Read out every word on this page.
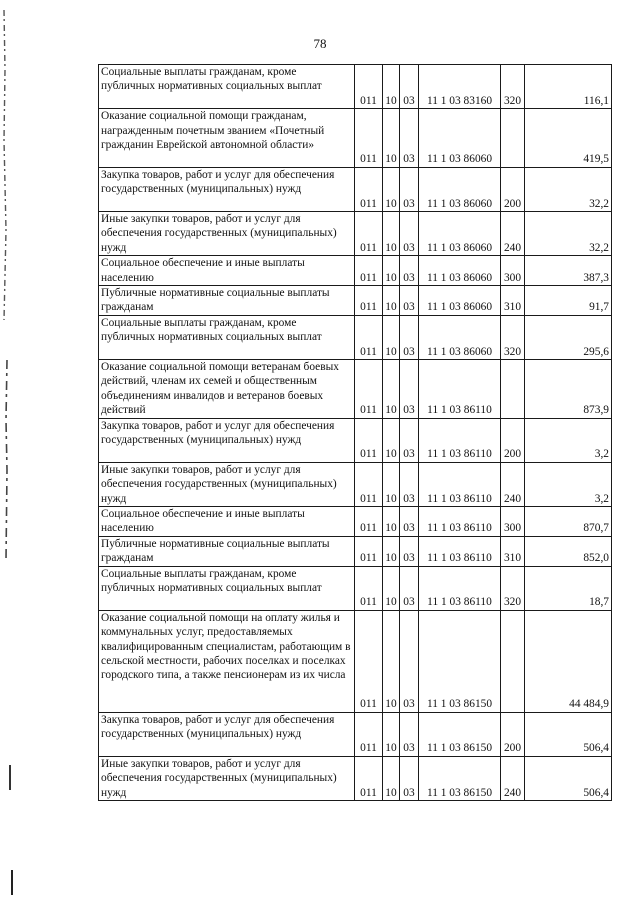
78
Социальные выплаты гражданам, кроме публичных нормативных социальных выплат	011	10	03	11 1 03 83160	320	116,1
Оказание социальной помощи гражданам, награжденным почетным званием «Почетный гражданин Еврейской автономной области»	011	10	03	11 1 03 86060		419,5
Закупка товаров, работ и услуг для обеспечения государственных (муниципальных) нужд	011	10	03	11 1 03 86060	200	32,2
Иные закупки товаров, работ и услуг для обеспечения государственных (муниципальных) нужд	011	10	03	11 1 03 86060	240	32,2
Социальное обеспечение и иные выплаты населению	011	10	03	11 1 03 86060	300	387,3
Публичные нормативные социальные выплаты гражданам	011	10	03	11 1 03 86060	310	91,7
Социальные выплаты гражданам, кроме публичных нормативных социальных выплат	011	10	03	11 1 03 86060	320	295,6
Оказание социальной помощи ветеранам боевых действий, членам их семей и общественным объединениям инвалидов и ветеранов боевых действий	011	10	03	11 1 03 86110		873,9
Закупка товаров, работ и услуг для обеспечения государственных (муниципальных) нужд	011	10	03	11 1 03 86110	200	3,2
Иные закупки товаров, работ и услуг для обеспечения государственных (муниципальных) нужд	011	10	03	11 1 03 86110	240	3,2
Социальное обеспечение и иные выплаты населению	011	10	03	11 1 03 86110	300	870,7
Публичные нормативные социальные выплаты гражданам	011	10	03	11 1 03 86110	310	852,0
Социальные выплаты гражданам, кроме публичных нормативных социальных выплат	011	10	03	11 1 03 86110	320	18,7
Оказание социальной помощи на оплату жилья и коммунальных услуг, предоставляемых квалифицированным специалистам, работающим в сельской местности, рабочих поселках и поселках городского типа, а также пенсионерам из их числа	011	10	03	11 1 03 86150		44 484,9
Закупка товаров, работ и услуг для обеспечения государственных (муниципальных) нужд	011	10	03	11 1 03 86150	200	506,4
Иные закупки товаров, работ и услуг для обеспечения государственных (муниципальных) нужд	011	10	03	11 1 03 86150	240	506,4
